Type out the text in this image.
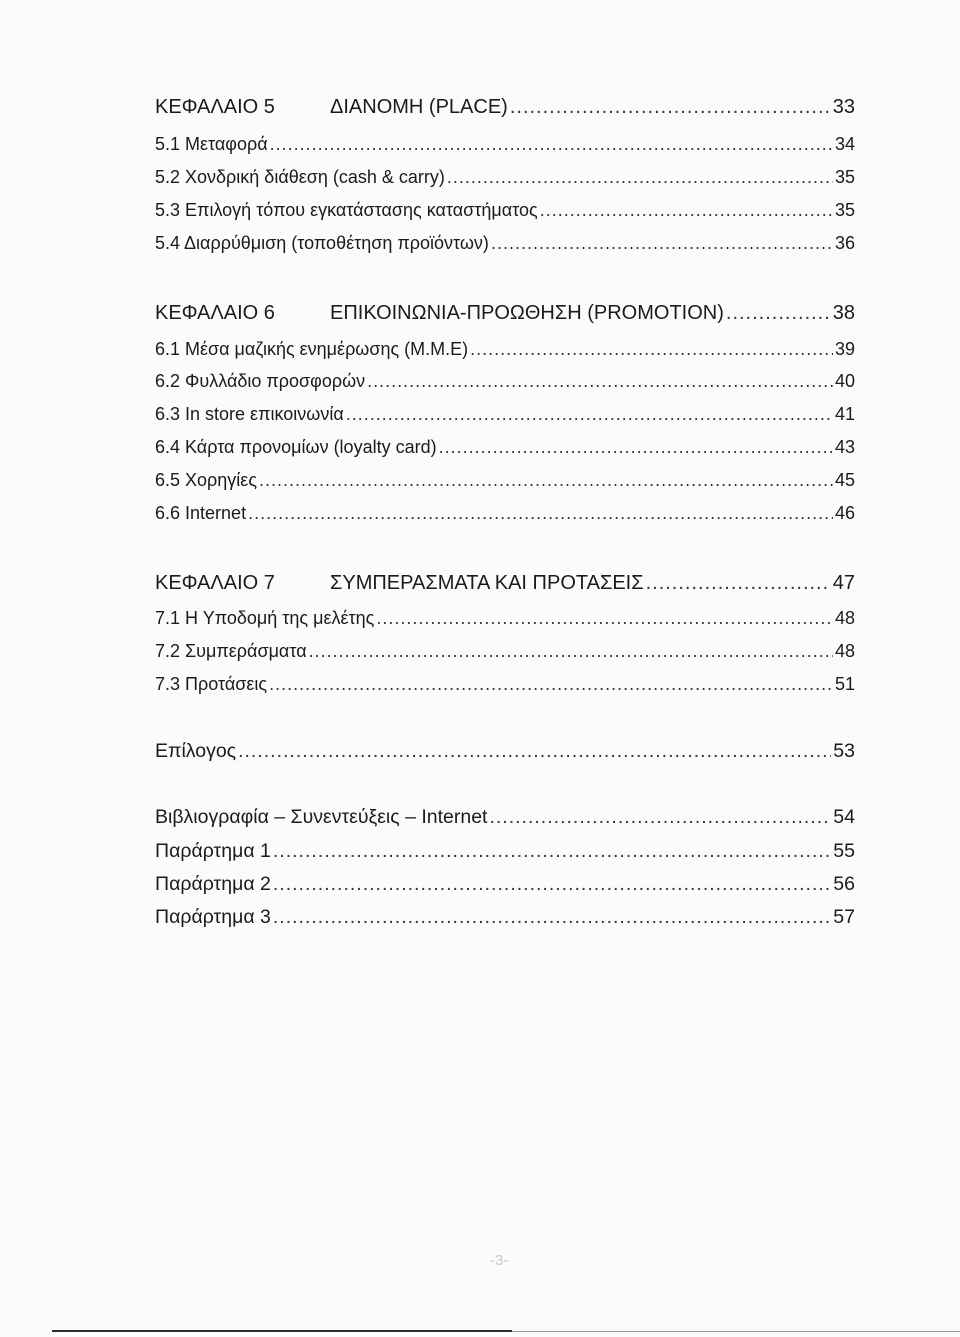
ΚΕΦΑΛΑΙΟ 5	ΔΙΑΝΟΜΗ (PLACE) .....	33
5.1 Μεταφορά .....	34
5.2 Χονδρική διάθεση (cash & carry) .....	35
5.3 Επιλογή τόπου εγκατάστασης καταστήματος .....	35
5.4 Διαρρύθμιση (τοποθέτηση προϊόντων) .....	36
ΚΕΦΑΛΑΙΟ 6	ΕΠΙΚΟΙΝΩΝΙΑ-ΠΡΟΩΘΗΣΗ (PROMOTION) .....	38
6.1 Μέσα μαζικής ενημέρωσης (Μ.Μ.Ε) .....	39
6.2 Φυλλάδιο προσφορών .....	40
6.3 In store επικοινωνία .....	41
6.4 Κάρτα προνομίων (loyalty card) .....	43
6.5 Χορηγίες .....	45
6.6 Internet .....	46
ΚΕΦΑΛΑΙΟ 7	ΣΥΜΠΕΡΑΣΜΑΤΑ ΚΑΙ ΠΡΟΤΑΣΕΙΣ .....	47
7.1 Η Υποδομή της μελέτης .....	48
7.2 Συμπεράσματα .....	48
7.3 Προτάσεις .....	51
Επίλογος .....	53
Βιβλιογραφία – Συνεντεύξεις – Internet .....	54
Παράρτημα 1 .....	55
Παράρτημα 2 .....	56
Παράρτημα 3 .....	57
-3-
